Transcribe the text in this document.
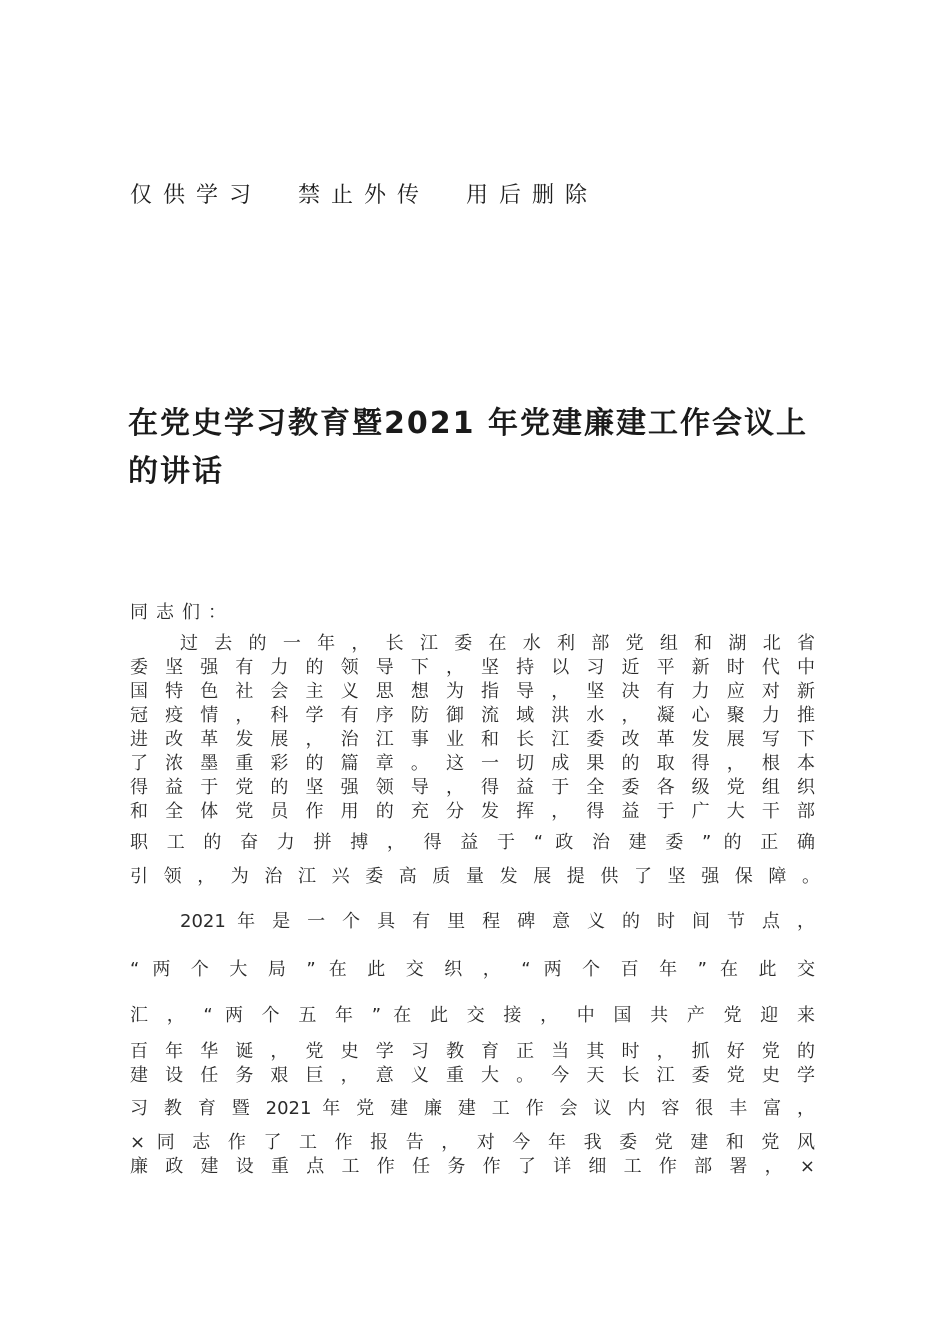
仅供学习  禁止外传  用后删除
在党史学习教育暨2021 年党建廉建工作会议上的讲话
同志们：
过 去 的 一 年 ， 长 江 委 在 水 利 部 党 组 和 湖 北 省
委 坚 强 有 力 的 领 导 下 ， 坚 持 以 习 近 平 新 时 代 中
国 特 色 社 会 主 义 思 想 为 指 导 ， 坚 决 有 力 应 对 新
冠 疫 情 ， 科 学 有 序 防 御 流 域 洪 水 ， 凝 心 聚 力 推
进 改 革 发 展 ， 治 江 事 业 和 长 江 委 改 革 发 展 写 下
了 浓 墨 重 彩 的 篇 章 。 这 一 切 成 果 的 取 得 ， 根 本
得 益 于 党 的 坚 强 领 导 ， 得 益 于 全 委 各 级 党 组 织
和 全 体 党 员 作 用 的 充 分 发 挥 ， 得 益 于 广 大 干 部
职 工 的 奋 力 拼 搏 ， 得 益 于 “ 政 治 建 委 ” 的 正 确
引 领 ， 为 治 江 兴 委 高 质 量 发 展 提 供 了 坚 强 保 障 。
2021 年 是 一 个 具 有 里 程 碑 意 义 的 时 间 节 点 ，
“ 两 个 大 局 ” 在 此 交 织 ， “ 两 个 百 年 ” 在 此 交
汇 ， “ 两 个 五 年 ” 在 此 交 接 ， 中 国 共 产 党 迎 来
百 年 华 诞 ， 党 史 学 习 教 育 正 当 其 时 ， 抓 好 党 的
建 设 任 务 艰 巨 ， 意 义 重 大 。 今 天 长 江 委 党 史 学
习 教 育 暨 2021 年 党 建 廉 建 工 作 会 议 内 容 很 丰 富 ，
× 同 志 作 了 工 作 报 告 ， 对 今 年 我 委 党 建 和 党 风
廉 政 建 设 重 点 工 作 任 务 作 了 详 细 工 作 部 署 ， ×
